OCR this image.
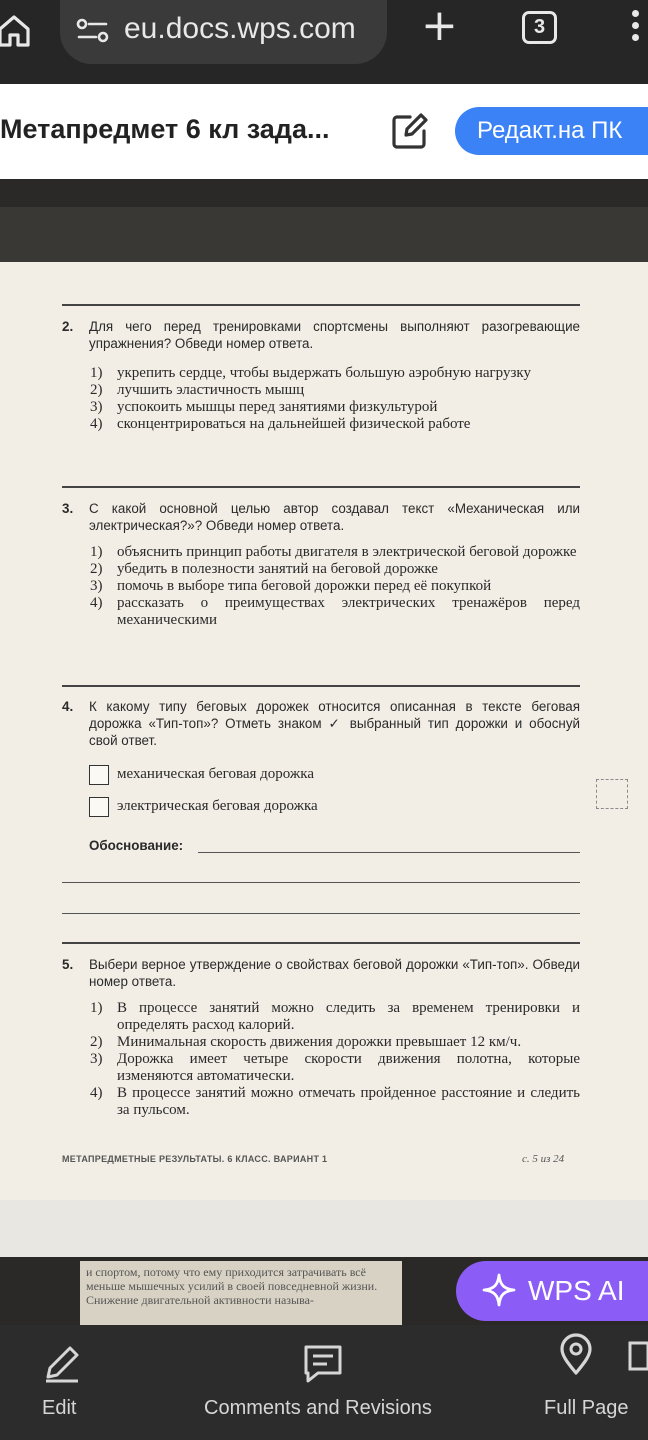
eu.docs.wps.com +	3
Метапредмет 6 кл зада...	Редакт.на ПК
2. Для чего перед тренировками спортсмены выполняют разогревающие упражнения? Обведи номер ответа.
1) укрепить сердце, чтобы выдержать большую аэробную нагрузку
2) лучшить эластичность мышц
3) успокоить мышцы перед занятиями физкультурой
4) сконцентрироваться на дальнейшей физической работе
3. С какой основной целью автор создавал текст «Механическая или электрическая?»? Обведи номер ответа.
1) объяснить принцип работы двигателя в электрической беговой дорожке
2) убедить в полезности занятий на беговой дорожке
3) помочь в выборе типа беговой дорожки перед её покупкой
4) рассказать о преимуществах электрических тренажёров перед механическими
4. К какому типу беговых дорожек относится описанная в тексте беговая дорожка «Тип-топ»? Отметь знаком ✓ выбранный тип дорожки и обоснуй свой ответ.
механическая беговая дорожка
электрическая беговая дорожка
Обоснование:
5. Выбери верное утверждение о свойствах беговой дорожки «Тип-топ». Обведи номер ответа.
1) В процессе занятий можно следить за временем тренировки и определять расход калорий.
2) Минимальная скорость движения дорожки превышает 12 км/ч.
3) Дорожка имеет четыре скорости движения полотна, которые изменяются автоматически.
4) В процессе занятий можно отмечать пройденное расстояние и следить за пульсом.
МЕТАПРЕДМЕТНЫЕ РЕЗУЛЬТАТЫ. 6 КЛАСС. ВАРИАНТ 1	с. 5 из 24
и спортом, потому что ему приходится затрачивать всё меньше мышечных усилий в своей повседневной жизни. Снижение двигательной активности называ-	WPS AI
Edit	Comments and Revisions	Full Page
